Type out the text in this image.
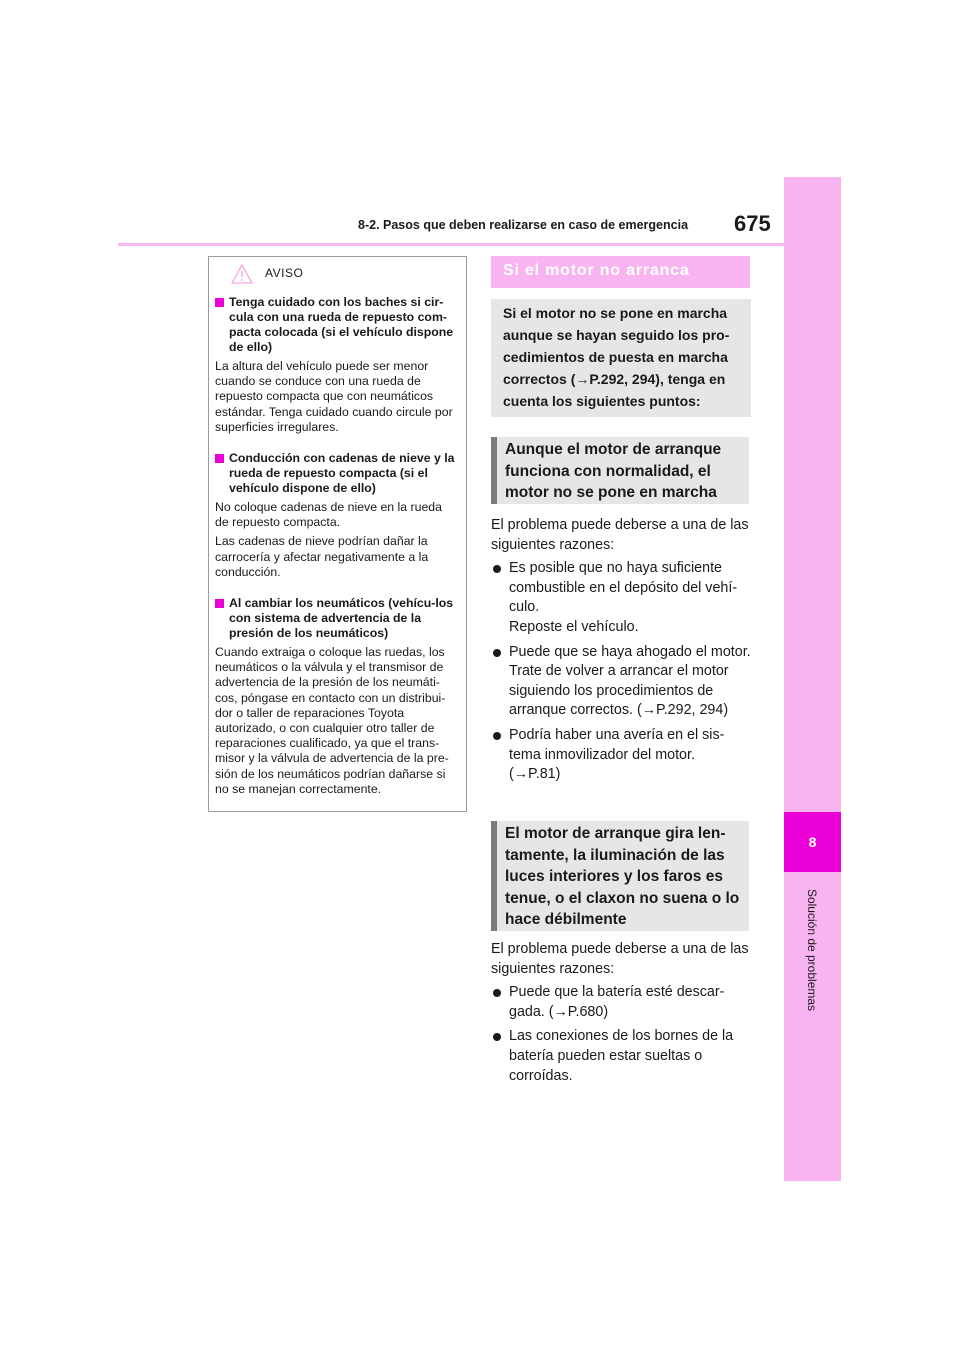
8-2. Pasos que deben realizarse en caso de emergencia 675
8
Solución de problemas
AVISO
Tenga cuidado con los baches si cir-cula con una rueda de repuesto com-pacta colocada (si el vehículo dispone de ello)
La altura del vehículo puede ser menor cuando se conduce con una rueda de repuesto compacta que con neumáticos estándar. Tenga cuidado cuando circule por superficies irregulares.
Conducción con cadenas de nieve y la rueda de repuesto compacta (si el vehículo dispone de ello)
No coloque cadenas de nieve en la rueda de repuesto compacta.
Las cadenas de nieve podrían dañar la carrocería y afectar negativamente a la conducción.
Al cambiar los neumáticos (vehícu-los con sistema de advertencia de la presión de los neumáticos)
Cuando extraiga o coloque las ruedas, los neumáticos o la válvula y el transmisor de advertencia de la presión de los neumáti-cos, póngase en contacto con un distribui-dor o taller de reparaciones Toyota autorizado, o con cualquier otro taller de reparaciones cualificado, ya que el trans-misor y la válvula de advertencia de la pre-sión de los neumáticos podrían dañarse si no se manejan correctamente.
Si el motor no arranca

Si el motor no se pone en marcha aunque se hayan seguido los pro-cedimientos de puesta en marcha correctos (→P.292, 294), tenga en cuenta los siguientes puntos:

Aunque el motor de arranque funciona con normalidad, el motor no se pone en marcha

El problema puede deberse a una de las siguientes razones:

Es posible que no haya suficiente combustible en el depósito del vehí-culo.
Reposte el vehículo.
Puede que se haya ahogado el motor.
Trate de volver a arrancar el motor siguiendo los procedimientos de arranque correctos. (→P.292, 294)
Podría haber una avería en el sis-tema inmovilizador del motor.
(→P.81)

El motor de arranque gira len-tamente, la iluminación de las luces interiores y los faros es tenue, o el claxon no suena o lo hace débilmente

El problema puede deberse a una de las siguientes razones:

Puede que la batería esté descar-gada. (→P.680)
Las conexiones de los bornes de la batería pueden estar sueltas o corroídas.
